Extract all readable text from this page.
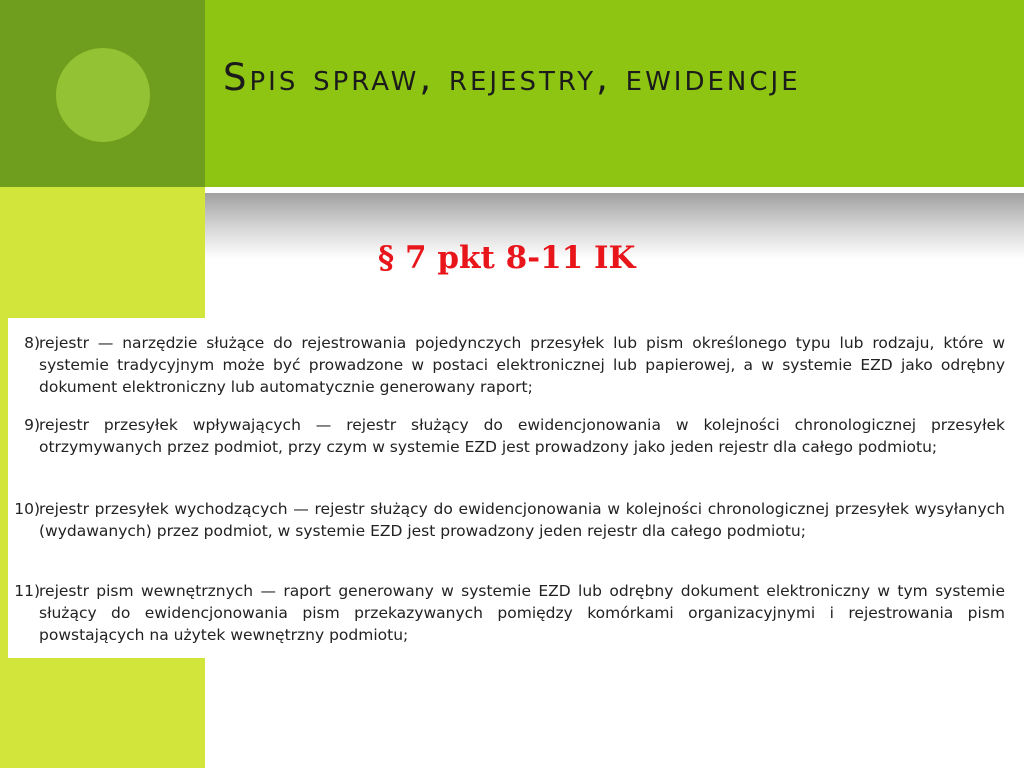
Spis spraw, rejestry, ewidencje
§ 7 pkt 8-11 IK
8) rejestr — narzędzie służące do rejestrowania pojedynczych przesyłek lub pism określonego typu lub rodzaju, które w systemie tradycyjnym może być prowadzone w postaci elektronicznej lub papierowej, a w systemie EZD jako odrębny dokument elektroniczny lub automatycznie generowany raport;
9) rejestr przesyłek wpływających — rejestr służący do ewidencjonowania w kolejności chronologicznej przesyłek otrzymywanych przez podmiot, przy czym w systemie EZD jest prowadzony jako jeden rejestr dla całego podmiotu;
10) rejestr przesyłek wychodzących — rejestr służący do ewidencjonowania w kolejności chronologicznej przesyłek wysyłanych (wydawanych) przez podmiot, w systemie EZD jest prowadzony jeden rejestr dla całego podmiotu;
11) rejestr pism wewnętrznych — raport generowany w systemie EZD lub odrębny dokument elektroniczny w tym systemie służący do ewidencjonowania pism przekazywanych pomiędzy komórkami organizacyjnymi i rejestrowania pism powstających na użytek wewnętrzny podmiotu;
